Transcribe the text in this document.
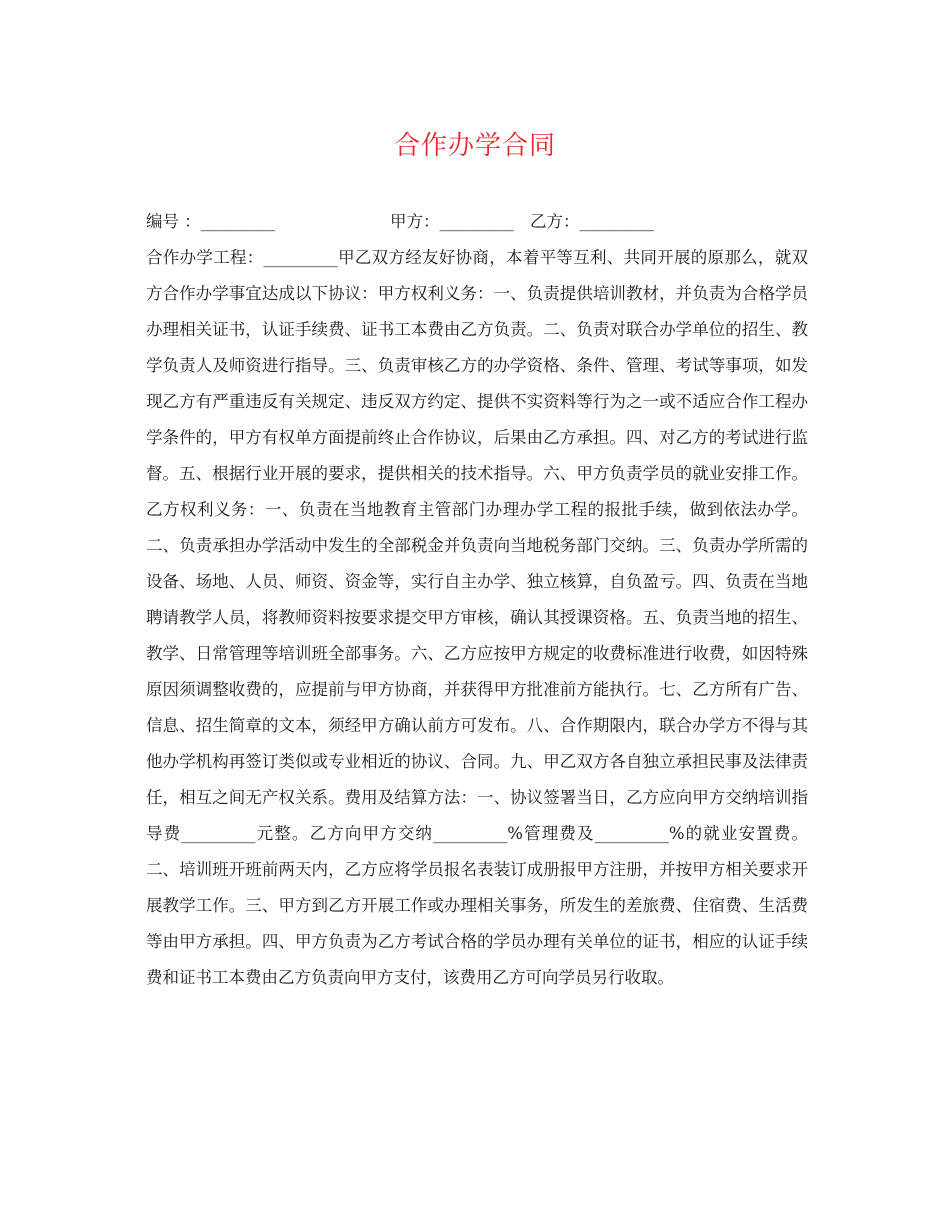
合作办学合同
编号 ：_________	甲方：_________ 乙方：_________

合作办学工程：_________甲乙双方经友好协商，本着平等互利、共同开展的原那么，就双方合作办学事宜达成以下协议：甲方权利义务：一、负责提供培训教材，并负责为合格学员办理相关证书，认证手续费、证书工本费由乙方负责。二、负责对联合办学单位的招生、教学负责人及师资进行指导。三、负责审核乙方的办学资格、条件、管理、考试等事项，如发现乙方有严重违反有关规定、违反双方约定、提供不实资料等行为之一或不适应合作工程办学条件的，甲方有权单方面提前终止合作协议，后果由乙方承担。四、对乙方的考试进行监督。五、根据行业开展的要求，提供相关的技术指导。六、甲方负责学员的就业安排工作。乙方权利义务：一、负责在当地教育主管部门办理办学工程的报批手续，做到依法办学。二、负责承担办学活动中发生的全部税金并负责向当地税务部门交纳。三、负责办学所需的设备、场地、人员、师资、资金等，实行自主办学、独立核算，自负盈亏。四、负责在当地聘请教学人员，将教师资料按要求提交甲方审核，确认其授课资格。五、负责当地的招生、教学、日常管理等培训班全部事务。六、乙方应按甲方规定的收费标准进行收费，如因特殊原因须调整收费的，应提前与甲方协商，并获得甲方批准前方能执行。七、乙方所有广告、信息、招生简章的文本，须经甲方确认前方可发布。八、合作期限内，联合办学方不得与其他办学机构再签订类似或专业相近的协议、合同。九、甲乙双方各自独立承担民事及法律责任，相互之间无产权关系。费用及结算方法：一、协议签署当日，乙方应向甲方交纳培训指导费_________元整。乙方向甲方交纳_________%管理费及_________%的就业安置费。二、培训班开班前两天内，乙方应将学员报名表装订成册报甲方注册，并按甲方相关要求开展教学工作。三、甲方到乙方开展工作或办理相关事务，所发生的差旅费、住宿费、生活费等由甲方承担。四、甲方负责为乙方考试合格的学员办理有关单位的证书，相应的认证手续费和证书工本费由乙方负责向甲方支付，该费用乙方可向学员另行收取。
